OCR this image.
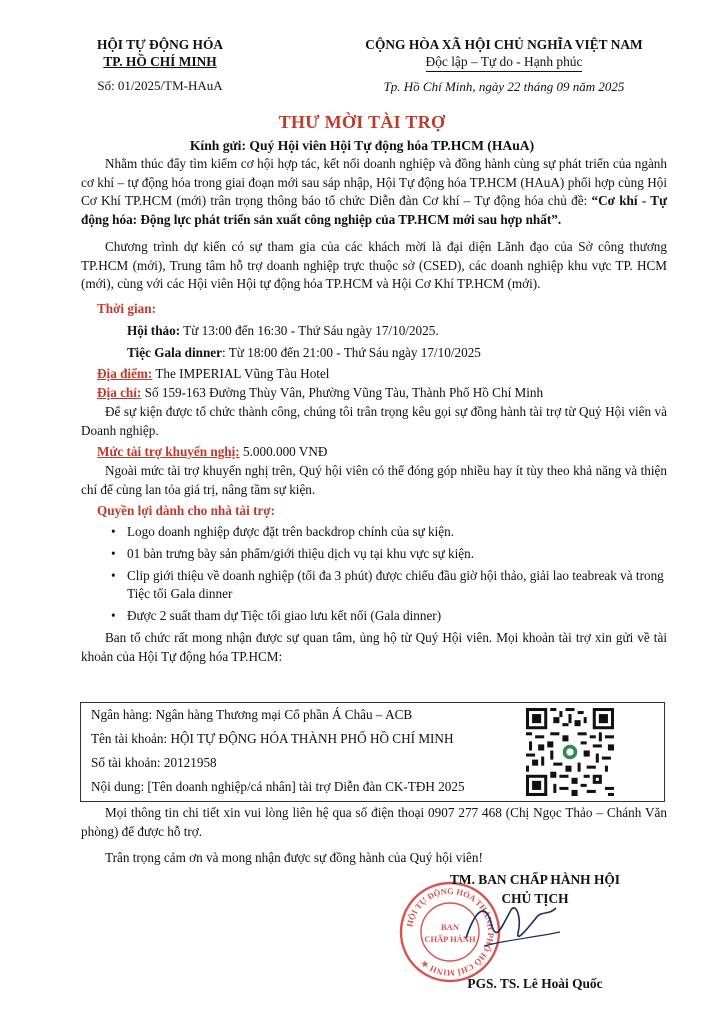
HỘI TỰ ĐỘNG HÓA
TP. HỒ CHÍ MINH
Số: 01/2025/TM-HAuA
CỘNG HÒA XÃ HỘI CHỦ NGHĨA VIỆT NAM
Độc lập – Tự do - Hạnh phúc
Tp. Hồ Chí Minh, ngày 22 tháng 09 năm 2025
THƯ MỜI TÀI TRỢ
Kính gửi: Quý Hội viên Hội Tự động hóa TP.HCM (HAuA)

Nhằm thúc đẩy tìm kiếm cơ hội hợp tác, kết nối doanh nghiệp và đồng hành cùng sự phát triển của ngành cơ khí – tự động hóa trong giai đoạn mới sau sáp nhập, Hội Tự động hóa TP.HCM (HAuA) phối hợp cùng Hội Cơ Khí TP.HCM (mới) trân trọng thông báo tổ chức Diễn đàn Cơ khí – Tự động hóa chủ đề: “Cơ khí - Tự động hóa: Động lực phát triển sản xuất công nghiệp của TP.HCM mới sau hợp nhất”.

Chương trình dự kiến có sự tham gia của các khách mời là đại diện Lãnh đạo của Sở công thương TP.HCM (mới), Trung tâm hỗ trợ doanh nghiệp trực thuộc sở (CSED), các doanh nghiệp khu vực TP. HCM (mới), cùng với các Hội viên Hội tự động hóa TP.HCM và Hội Cơ Khí TP.HCM (mới).

Thời gian:

Hội thảo: Từ 13:00 đến 16:30 - Thứ Sáu ngày 17/10/2025.
Tiệc Gala dinner: Từ 18:00 đến 21:00 - Thứ Sáu ngày 17/10/2025

Địa điểm: The IMPERIAL Vũng Tàu Hotel

Địa chỉ: Số 159-163 Đường Thùy Vân, Phường Vũng Tàu, Thành Phố Hồ Chí Minh

Để sự kiện được tổ chức thành công, chúng tôi trân trọng kêu gọi sự đồng hành tài trợ từ Quý Hội viên và Doanh nghiệp.

Mức tài trợ khuyến nghị: 5.000.000 VNĐ

Ngoài mức tài trợ khuyến nghị trên, Quý hội viên có thể đóng góp nhiều hay ít tùy theo khả năng và thiện chí để cùng lan tỏa giá trị, nâng tầm sự kiện.

Quyền lợi dành cho nhà tài trợ:

• Logo doanh nghiệp được đặt trên backdrop chính của sự kiện.
• 01 bàn trưng bày sản phẩm/giới thiệu dịch vụ tại khu vực sự kiện.
• Clip giới thiệu về doanh nghiệp (tối đa 3 phút) được chiếu đầu giờ hội thảo, giải lao teabreak và trong Tiệc tối Gala dinner
• Được 2 suất tham dự Tiệc tối giao lưu kết nối (Gala dinner)

Ban tổ chức rất mong nhận được sự quan tâm, ủng hộ từ Quý Hội viên. Mọi khoản tài trợ xin gửi về tài khoản của Hội Tự động hóa TP.HCM:

Ngân hàng: Ngân hàng Thương mại Cổ phần Á Châu – ACB
Tên tài khoản: HỘI TỰ ĐỘNG HÓA THÀNH PHỐ HỒ CHÍ MINH
Số tài khoản: 20121958
Nội dung: [Tên doanh nghiệp/cá nhân] tài trợ Diễn đàn CK-TĐH 2025

Mọi thông tin chi tiết xin vui lòng liên hệ qua số điện thoại 0907 277 468 (Chị Ngọc Thảo – Chánh Văn phòng) để được hỗ trợ.

Trân trọng cảm ơn và mong nhận được sự đồng hành của Quý hội viên!

HỘI TỰ ĐỘNG HÓA THÀNH PHỐ HỒ CHÍ MINH ★
BAN
CHẤP HÀNH
TM. BAN CHẤP HÀNH HỘI
CHỦ TỊCH
PGS. TS. Lê Hoài Quốc
